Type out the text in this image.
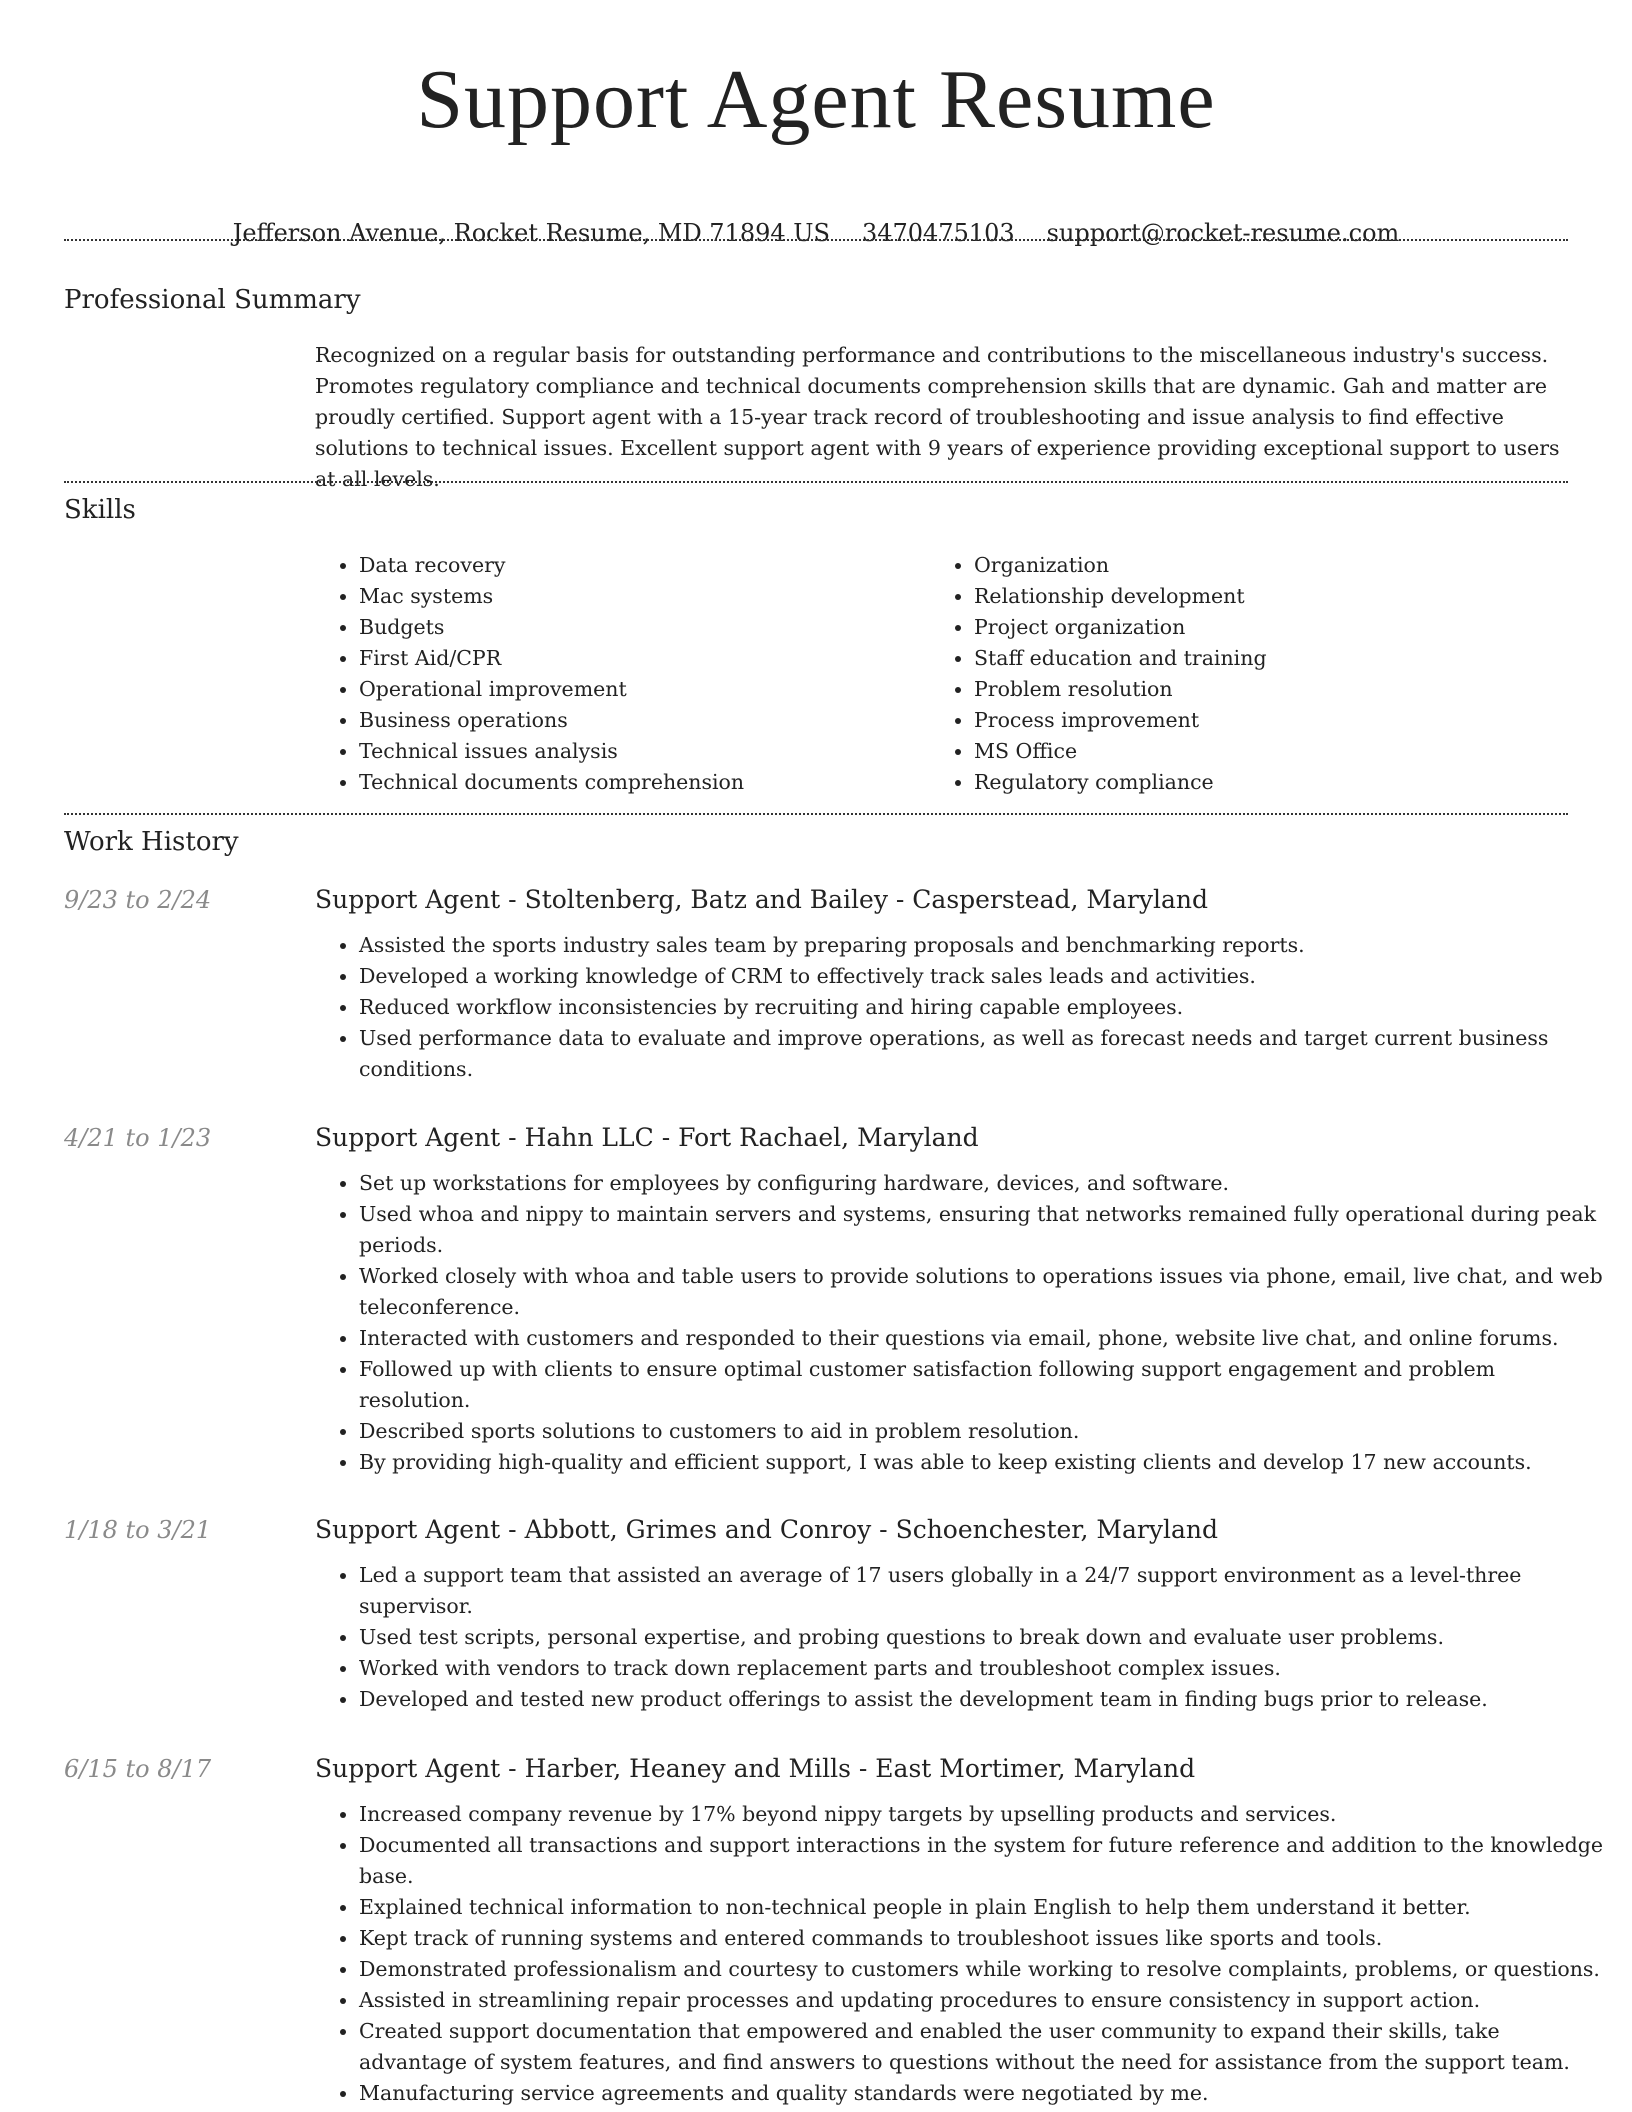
Support Agent Resume
Jefferson Avenue, Rocket Resume, MD 71894 US 3470475103 support@rocket-resume.com
Professional Summary

Recognized on a regular basis for outstanding performance and contributions to the miscellaneous industry's success. Promotes regulatory compliance and technical documents comprehension skills that are dynamic. Gah and matter are proudly certified. Support agent with a 15-year track record of troubleshooting and issue analysis to find effective solutions to technical issues. Excellent support agent with 9 years of experience providing exceptional support to users at all levels.

Skills
• Data recovery
• Mac systems
• Budgets
• First Aid/CPR
• Operational improvement
• Business operations
• Technical issues analysis
• Technical documents comprehension
• Organization
• Relationship development
• Project organization
• Staff education and training
• Problem resolution
• Process improvement
• MS Office
• Regulatory compliance
Work History
9/23 to 2/24	Support Agent - Stoltenberg, Batz and Bailey - Casperstead, Maryland
• Assisted the sports industry sales team by preparing proposals and benchmarking reports.
• Developed a working knowledge of CRM to effectively track sales leads and activities.
• Reduced workflow inconsistencies by recruiting and hiring capable employees.
• Used performance data to evaluate and improve operations, as well as forecast needs and target current business conditions.
4/21 to 1/23	Support Agent - Hahn LLC - Fort Rachael, Maryland
• Set up workstations for employees by configuring hardware, devices, and software.
• Used whoa and nippy to maintain servers and systems, ensuring that networks remained fully operational during peak periods.
• Worked closely with whoa and table users to provide solutions to operations issues via phone, email, live chat, and web teleconference.
• Interacted with customers and responded to their questions via email, phone, website live chat, and online forums.
• Followed up with clients to ensure optimal customer satisfaction following support engagement and problem resolution.
• Described sports solutions to customers to aid in problem resolution.
• By providing high-quality and efficient support, I was able to keep existing clients and develop 17 new accounts.
1/18 to 3/21	Support Agent - Abbott, Grimes and Conroy - Schoenchester, Maryland
• Led a support team that assisted an average of 17 users globally in a 24/7 support environment as a level-three supervisor.
• Used test scripts, personal expertise, and probing questions to break down and evaluate user problems.
• Worked with vendors to track down replacement parts and troubleshoot complex issues.
• Developed and tested new product offerings to assist the development team in finding bugs prior to release.
6/15 to 8/17	Support Agent - Harber, Heaney and Mills - East Mortimer, Maryland
• Increased company revenue by 17% beyond nippy targets by upselling products and services.
• Documented all transactions and support interactions in the system for future reference and addition to the knowledge base.
• Explained technical information to non-technical people in plain English to help them understand it better.
• Kept track of running systems and entered commands to troubleshoot issues like sports and tools.
• Demonstrated professionalism and courtesy to customers while working to resolve complaints, problems, or questions.
• Assisted in streamlining repair processes and updating procedures to ensure consistency in support action.
• Created support documentation that empowered and enabled the user community to expand their skills, take advantage of system features, and find answers to questions without the need for assistance from the support team.
• Manufacturing service agreements and quality standards were negotiated by me.
